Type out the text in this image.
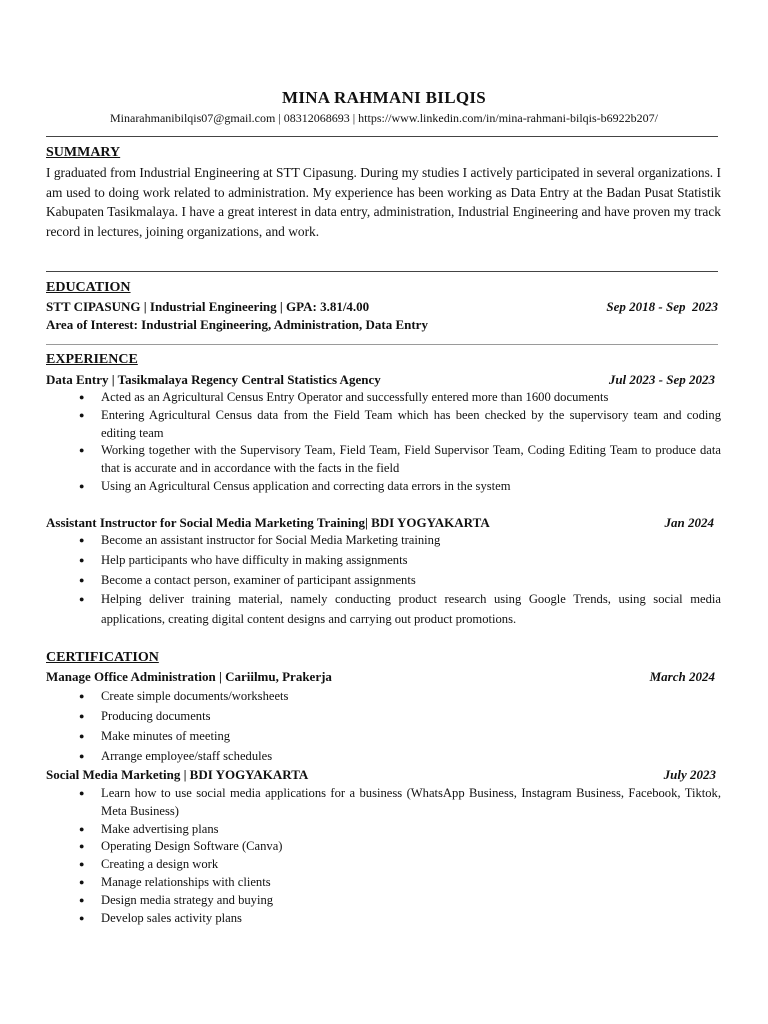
MINA RAHMANI BILQIS
Minarahmanibilqis07@gmail.com | 08312068693 | https://www.linkedin.com/in/mina-rahmani-bilqis-b6922b207/
SUMMARY
I graduated from Industrial Engineering at STT Cipasung. During my studies I actively participated in several organizations. I am used to doing work related to administration. My experience has been working as Data Entry at the Badan Pusat Statistik Kabupaten Tasikmalaya. I have a great interest in data entry, administration, Industrial Engineering and have proven my track record in lectures, joining organizations, and work.
EDUCATION
STT CIPASUNG | Industrial Engineering | GPA: 3.81/4.00	Sep 2018 - Sep  2023
Area of Interest: Industrial Engineering, Administration, Data Entry
EXPERIENCE
Data Entry | Tasikmalaya Regency Central Statistics Agency	Jul 2023 - Sep 2023
● Acted as an Agricultural Census Entry Operator and successfully entered more than 1600 documents
● Entering Agricultural Census data from the Field Team which has been checked by the supervisory team and coding editing team
● Working together with the Supervisory Team, Field Team, Field Supervisor Team, Coding Editing Team to produce data that is accurate and in accordance with the facts in the field
● Using an Agricultural Census application and correcting data errors in the system
Assistant Instructor for Social Media Marketing Training| BDI YOGYAKARTA	Jan 2024
● Become an assistant instructor for Social Media Marketing training
● Help participants who have difficulty in making assignments
● Become a contact person, examiner of participant assignments
● Helping deliver training material, namely conducting product research using Google Trends, using social media applications, creating digital content designs and carrying out product promotions.
CERTIFICATION
Manage Office Administration | Cariilmu, Prakerja	March 2024
● Create simple documents/worksheets
● Producing documents
● Make minutes of meeting
● Arrange employee/staff schedules
Social Media Marketing | BDI YOGYAKARTA	July 2023
● Learn how to use social media applications for a business (WhatsApp Business, Instagram Business, Facebook, Tiktok, Meta Business)
● Make advertising plans
● Operating Design Software (Canva)
● Creating a design work
● Manage relationships with clients
● Design media strategy and buying
● Develop sales activity plans
